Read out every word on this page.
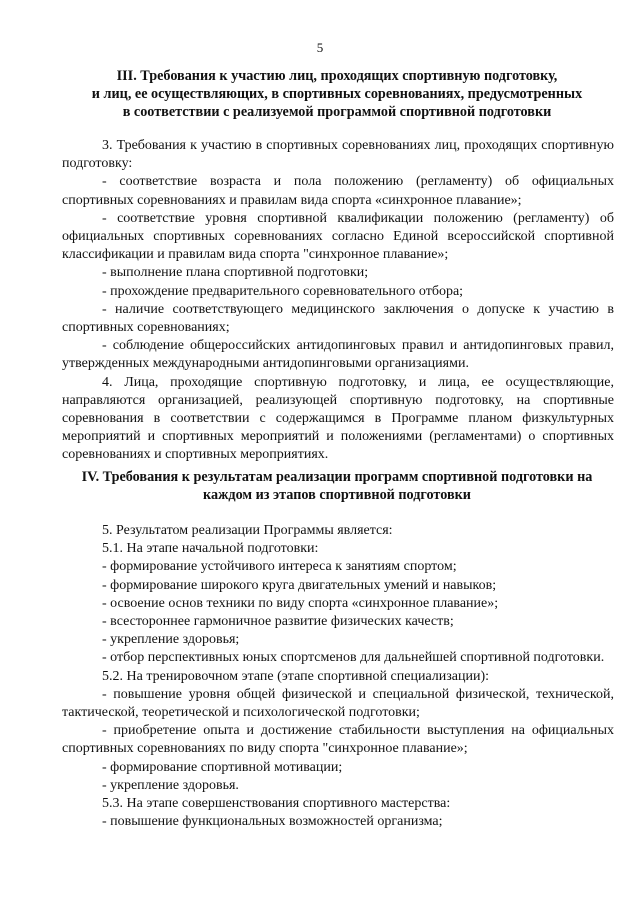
5
III. Требования к участию лиц, проходящих спортивную подготовку,
и лиц, ее осуществляющих, в спортивных соревнованиях, предусмотренных
в соответствии с реализуемой программой спортивной подготовки

3. Требования к участию в спортивных соревнованиях лиц, проходящих спортивную подготовку:

- соответствие возраста и пола положению (регламенту) об официальных спортивных соревнованиях и правилам вида спорта «синхронное плавание»;

- соответствие уровня спортивной квалификации положению (регламенту) об официальных спортивных соревнованиях согласно Единой всероссийской спортивной классификации и правилам вида спорта "синхронное плавание»;

- выполнение плана спортивной подготовки;

- прохождение предварительного соревновательного отбора;

- наличие соответствующего медицинского заключения о допуске к участию в спортивных соревнованиях;

- соблюдение общероссийских антидопинговых правил и антидопинговых правил, утвержденных международными антидопинговыми организациями.

4. Лица, проходящие спортивную подготовку, и лица, ее осуществляющие, направляются организацией, реализующей спортивную подготовку, на спортивные соревнования в соответствии с содержащимся в Программе планом физкультурных мероприятий и спортивных мероприятий и положениями (регламентами) о спортивных соревнованиях и спортивных мероприятиях.

IV. Требования к результатам реализации программ спортивной подготовки на
каждом из этапов спортивной подготовки

5. Результатом реализации Программы является:

5.1. На этапе начальной подготовки:

- формирование устойчивого интереса к занятиям спортом;

- формирование широкого круга двигательных умений и навыков;

- освоение основ техники по виду спорта «синхронное плавание»;

- всестороннее гармоничное развитие физических качеств;

- укрепление здоровья;

- отбор перспективных юных спортсменов для дальнейшей спортивной подготовки.

5.2. На тренировочном этапе (этапе спортивной специализации):

- повышение уровня общей физической и специальной физической, технической, тактической, теоретической и психологической подготовки;

- приобретение опыта и достижение стабильности выступления на официальных спортивных соревнованиях по виду спорта "синхронное плавание»;

- формирование спортивной мотивации;

- укрепление здоровья.

5.3. На этапе совершенствования спортивного мастерства:

- повышение функциональных возможностей организма;
